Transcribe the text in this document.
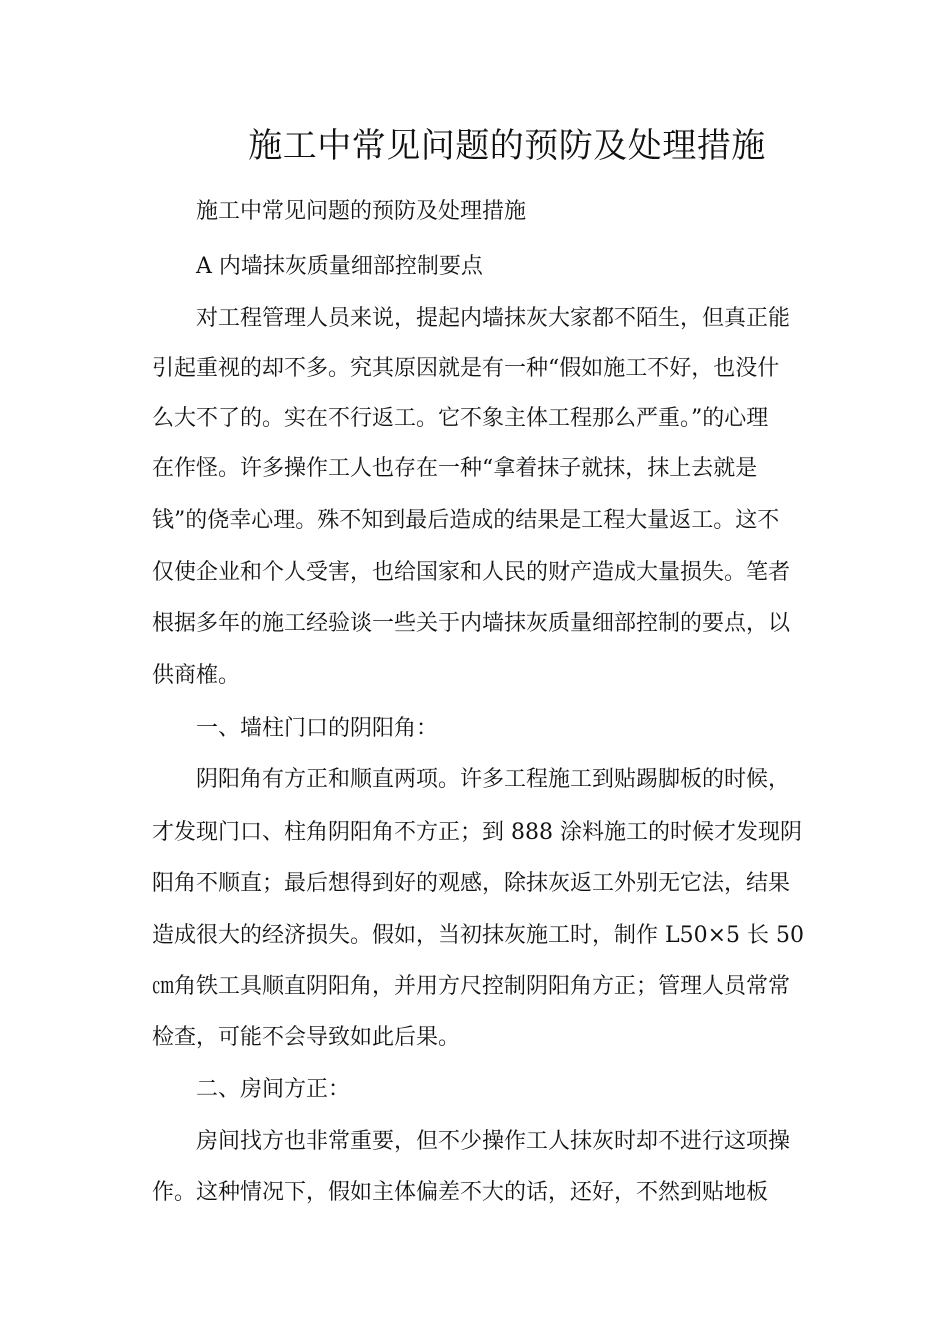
施工中常见问题的预防及处理措施
施工中常见问题的预防及处理措施
A 内墙抹灰质量细部控制要点
对工程管理人员来说，提起内墙抹灰大家都不陌生，但真正能
引起重视的却不多。究其原因就是有一种“假如施工不好，也没什
么大不了的。实在不行返工。它不象主体工程那么严重。”的心理
在作怪。许多操作工人也存在一种“拿着抹子就抹，抹上去就是
钱”的侥幸心理。殊不知到最后造成的结果是工程大量返工。这不
仅使企业和个人受害，也给国家和人民的财产造成大量损失。笔者
根据多年的施工经验谈一些关于内墙抹灰质量细部控制的要点，以
供商榷。
一、墙柱门口的阴阳角：
阴阳角有方正和顺直两项。许多工程施工到贴踢脚板的时候，
才发现门口、柱角阴阳角不方正；到 888 涂料施工的时候才发现阴
阳角不顺直；最后想得到好的观感，除抹灰返工外别无它法，结果
造成很大的经济损失。假如，当初抹灰施工时，制作 L50×5 长 50
㎝角铁工具顺直阴阳角，并用方尺控制阴阳角方正；管理人员常常
检查，可能不会导致如此后果。
二、房间方正：
房间找方也非常重要，但不少操作工人抹灰时却不进行这项操
作。这种情况下，假如主体偏差不大的话，还好，不然到贴地板
